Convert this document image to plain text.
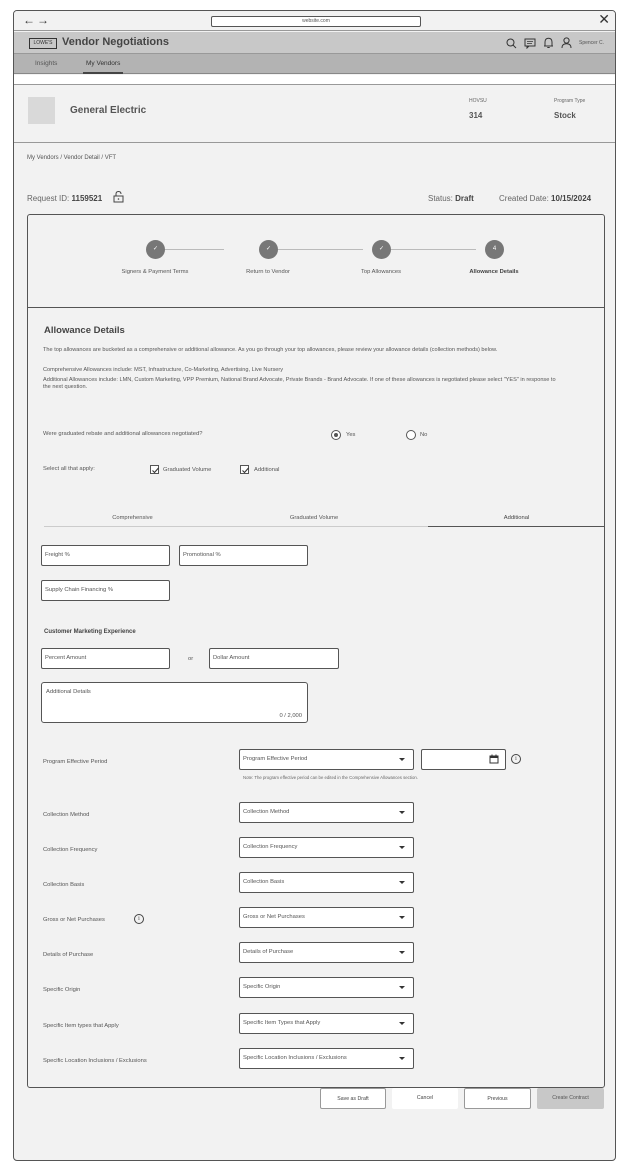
←→	website.com	✕
LOWE'S Vendor Negotiations	Spencer C.
Insights	My Vendors
General Electric
HOVSU
314
Program Type
Stock
My Vendors / Vendor Detail / VFT
Request ID: 1159521	Status: Draft	Created Date: 10/15/2024
✓	✓	✓	4
Signers & Payment Terms	Return to Vendor	Top Allowances	Allowance Details
Allowance Details
The top allowances are bucketed as a comprehensive or additional allowance. As you go through your top allowances, please review your allowance details (collection methods) below.
Comprehensive Allowances include: MST, Infrastructure, Co-Marketing, Advertising, Live Nursery
Additional Allowances include: LMN, Custom Marketing, VPP Premium, National Brand Advocate, Private Brands - Brand Advocate. If one of these allowances is negotiated please select "YES" in response to the next question.
Were graduated rebate and additional allowances negotiated?	Yes	No
Select all that apply:	Graduated Volume	Additional
Comprehensive	Graduated Volume	Additional
Freight %	Promotional %
Supply Chain Financing %
Customer Marketing Experience
Percent Amount	or	Dollar Amount
Additional Details
0 / 2,000
Program Effective Period	Program Effective Period	i
Note: The program effective period can be edited in the Comprehensive Allowances section.
Collection Method	Collection Method
Collection Frequency	Collection Frequency
Collection Basis	Collection Basis
Gross or Net Purchases	i	Gross or Net Purchases
Details of Purchase	Details of Purchase
Specific Origin	Specific Origin
Specific Item types that Apply	Specific Item Types that Apply
Specific Location Inclusions / Exclusions	Specific Location Inclusions / Exclusions
Save as Draft	Cancel	Previous	Create Contract
